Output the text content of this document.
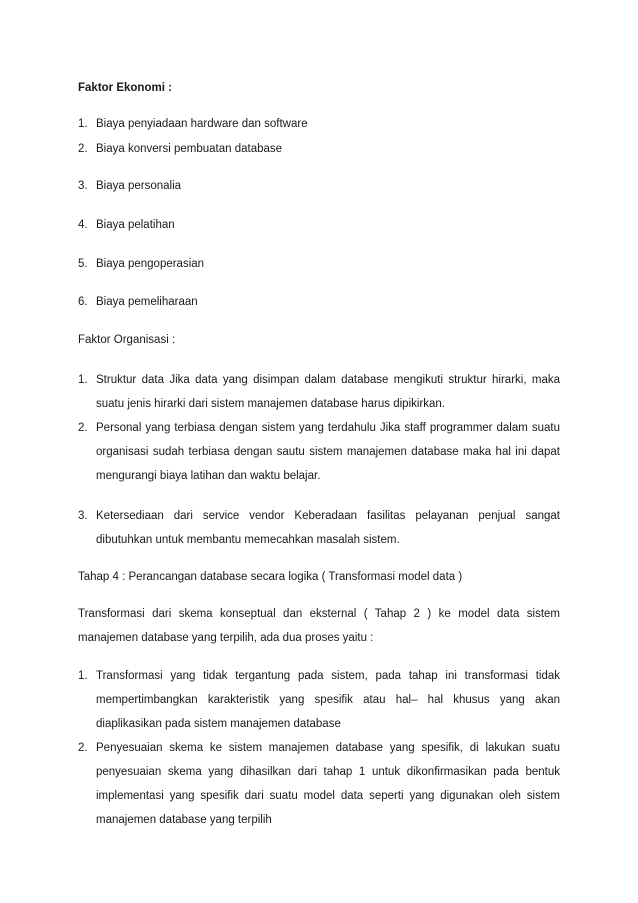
Faktor Ekonomi :
1. Biaya penyiadaan hardware dan software
2. Biaya konversi pembuatan database
3. Biaya personalia
4. Biaya pelatihan
5. Biaya pengoperasian
6. Biaya pemeliharaan
Faktor Organisasi :
1. Struktur data Jika data yang disimpan dalam database mengikuti struktur hirarki, maka
suatu jenis hirarki dari sistem manajemen database harus dipikirkan.
2. Personal yang terbiasa dengan sistem yang terdahulu Jika staff programmer dalam suatu
organisasi sudah terbiasa dengan sautu sistem manajemen database maka hal ini dapat
mengurangi biaya latihan dan waktu belajar.
3. Ketersediaan dari service vendor Keberadaan fasilitas pelayanan penjual sangat
dibutuhkan untuk membantu memecahkan masalah sistem.
Tahap 4 : Perancangan database secara logika ( Transformasi model data )
Transformasi dari skema konseptual dan eksternal ( Tahap 2 ) ke model data sistem
manajemen database yang terpilih, ada dua proses yaitu :
1. Transformasi yang tidak tergantung pada sistem, pada tahap ini transformasi tidak
mempertimbangkan karakteristik yang spesifik atau hal– hal khusus yang akan
diaplikasikan pada sistem manajemen database
2. Penyesuaian skema ke sistem manajemen database yang spesifik, di lakukan suatu
penyesuaian skema yang dihasilkan dari tahap 1 untuk dikonfirmasikan pada bentuk
implementasi yang spesifik dari suatu model data seperti yang digunakan oleh sistem
manajemen database yang terpilih
